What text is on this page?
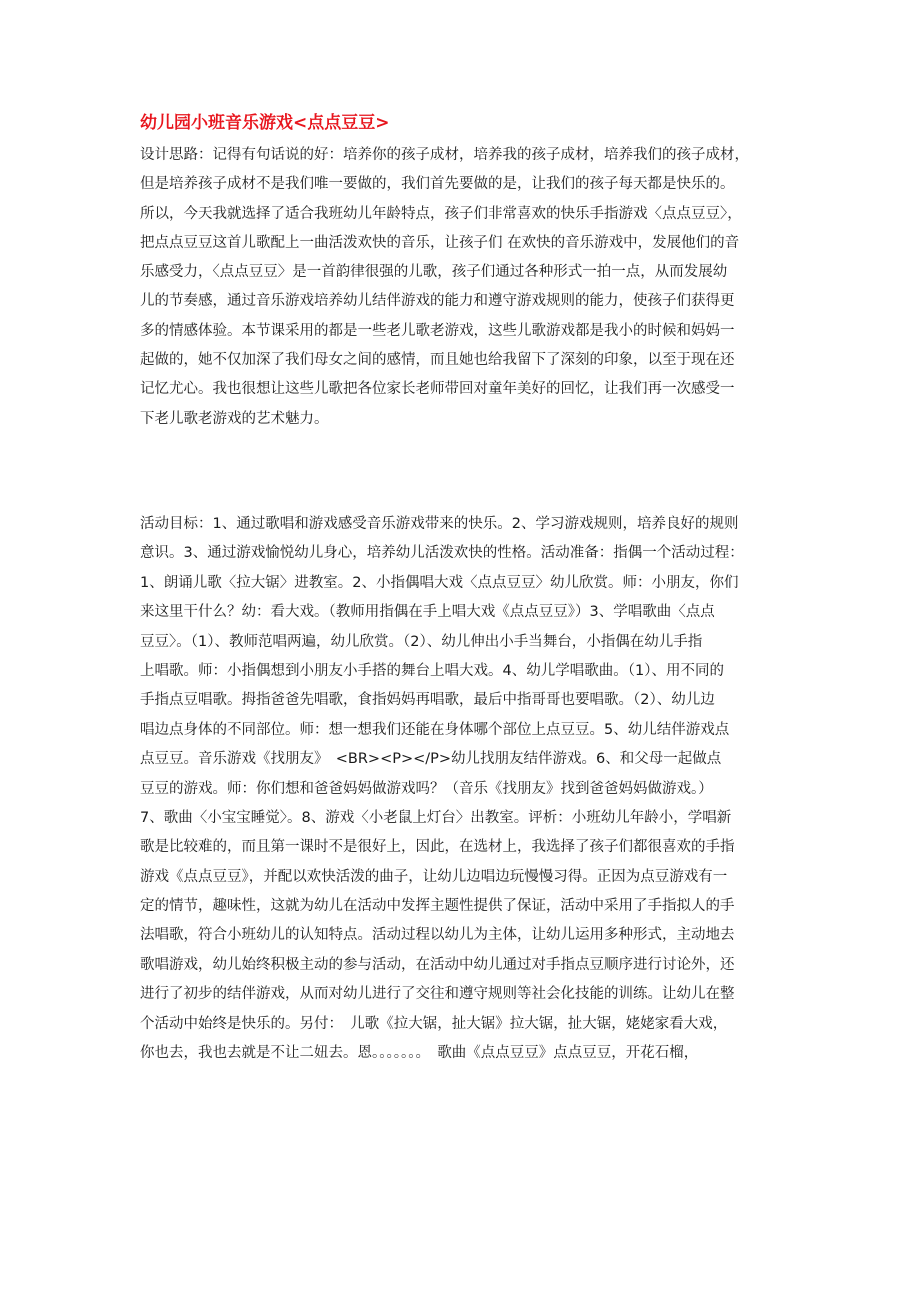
幼儿园小班音乐游戏<点点豆豆>
设计思路：记得有句话说的好：培养你的孩子成材，培养我的孩子成材，培养我们的孩子成材，
但是培养孩子成材不是我们唯一要做的，我们首先要做的是，让我们的孩子每天都是快乐的。
所以，今天我就选择了适合我班幼儿年龄特点，孩子们非常喜欢的快乐手指游戏〈点点豆豆〉，
把点点豆豆这首儿歌配上一曲活泼欢快的音乐，让孩子们 在欢快的音乐游戏中，发展他们的音
乐感受力，〈点点豆豆〉是一首韵律很强的儿歌，孩子们通过各种形式一拍一点，从而发展幼
儿的节奏感，通过音乐游戏培养幼儿结伴游戏的能力和遵守游戏规则的能力，使孩子们获得更
多的情感体验。本节课采用的都是一些老儿歌老游戏，这些儿歌游戏都是我小的时候和妈妈一
起做的，她不仅加深了我们母女之间的感情，而且她也给我留下了深刻的印象，以至于现在还
记忆尤心。我也很想让这些儿歌把各位家长老师带回对童年美好的回忆，让我们再一次感受一
下老儿歌老游戏的艺术魅力。
活动目标：1、通过歌唱和游戏感受音乐游戏带来的快乐。2、学习游戏规则，培养良好的规则
意识。3、通过游戏愉悦幼儿身心，培养幼儿活泼欢快的性格。活动准备：指偶一个活动过程：
1、朗诵儿歌〈拉大锯〉进教室。2、小指偶唱大戏〈点点豆豆〉幼儿欣赏。师：小朋友，你们
来这里干什么？幼：看大戏。（教师用指偶在手上唱大戏《点点豆豆》）3、学唱歌曲〈点点
豆豆〉。（1）、教师范唱两遍，幼儿欣赏。（2）、幼儿伸出小手当舞台，小指偶在幼儿手指
上唱歌。师：小指偶想到小朋友小手搭的舞台上唱大戏。4、幼儿学唱歌曲。（1）、用不同的
手指点豆唱歌。拇指爸爸先唱歌，食指妈妈再唱歌，最后中指哥哥也要唱歌。（2）、幼儿边
唱边点身体的不同部位。师：想一想我们还能在身体哪个部位上点豆豆。5、幼儿结伴游戏点
点豆豆。音乐游戏《找朋友》　<BR><P></P>幼儿找朋友结伴游戏。6、和父母一起做点
豆豆的游戏。师：你们想和爸爸妈妈做游戏吗？（音乐《找朋友》找到爸爸妈妈做游戏。）
7、歌曲〈小宝宝睡觉〉。8、游戏〈小老鼠上灯台〉出教室。评析：小班幼儿年龄小，学唱新
歌是比较难的，而且第一课时不是很好上，因此，在选材上，我选择了孩子们都很喜欢的手指
游戏《点点豆豆》，并配以欢快活泼的曲子，让幼儿边唱边玩慢慢习得。正因为点豆游戏有一
定的情节，趣味性，这就为幼儿在活动中发挥主题性提供了保证，活动中采用了手指拟人的手
法唱歌，符合小班幼儿的认知特点。活动过程以幼儿为主体，让幼儿运用多种形式，主动地去
歌唱游戏，幼儿始终积极主动的参与活动，在活动中幼儿通过对手指点豆顺序进行讨论外，还
进行了初步的结伴游戏，从而对幼儿进行了交往和遵守规则等社会化技能的训练。让幼儿在整
个活动中始终是快乐的。另付：　儿歌《拉大锯，扯大锯》拉大锯，扯大锯，姥姥家看大戏，
你也去，我也去就是不让二妞去。恩。。。。。。。　歌曲《点点豆豆》点点豆豆，开花石榴，
